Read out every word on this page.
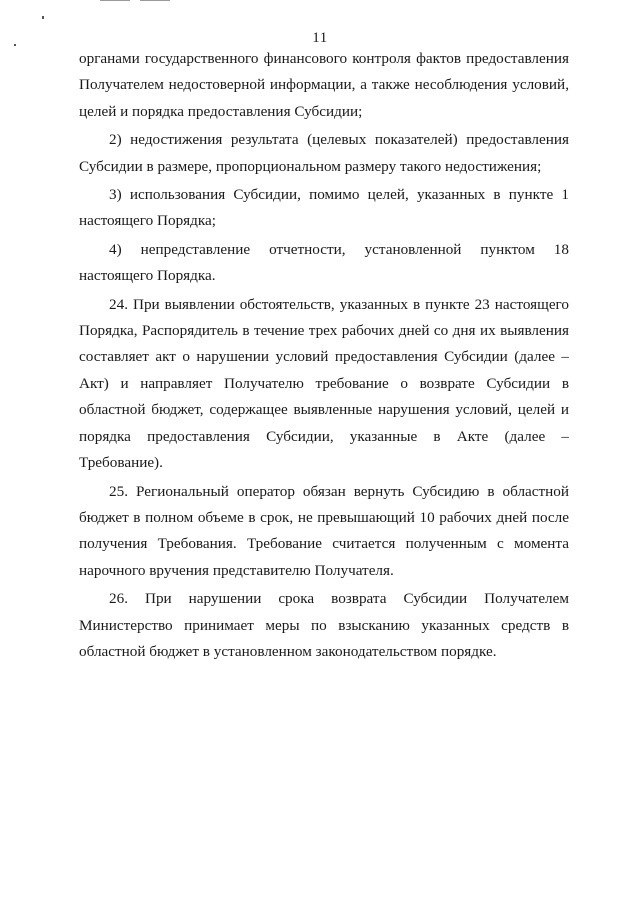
11
органами государственного финансового контроля фактов предоставления
Получателем недостоверной информации, а также несоблюдения условий,
целей и порядка предоставления Субсидии;
2) недостижения результата (целевых показателей) предоставления
Субсидии в размере, пропорциональном размеру такого недостижения;
3) использования Субсидии, помимо целей, указанных в пункте 1
настоящего Порядка;
4) непредставление отчетности, установленной пунктом 18
настоящего Порядка.
24. При выявлении обстоятельств, указанных в пункте 23 настоящего
Порядка, Распорядитель в течение трех рабочих дней со дня их выявления
составляет акт о нарушении условий предоставления Субсидии (далее –
Акт) и направляет Получателю требование о возврате Субсидии в
областной бюджет, содержащее выявленные нарушения условий, целей и
порядка предоставления Субсидии, указанные в Акте (далее –
Требование).
25. Региональный оператор обязан вернуть Субсидию в областной
бюджет в полном объеме в срок, не превышающий 10 рабочих дней после
получения Требования. Требование считается полученным с момента
нарочного вручения представителю Получателя.
26. При нарушении срока возврата Субсидии Получателем
Министерство принимает меры по взысканию указанных средств в
областной бюджет в установленном законодательством порядке.
